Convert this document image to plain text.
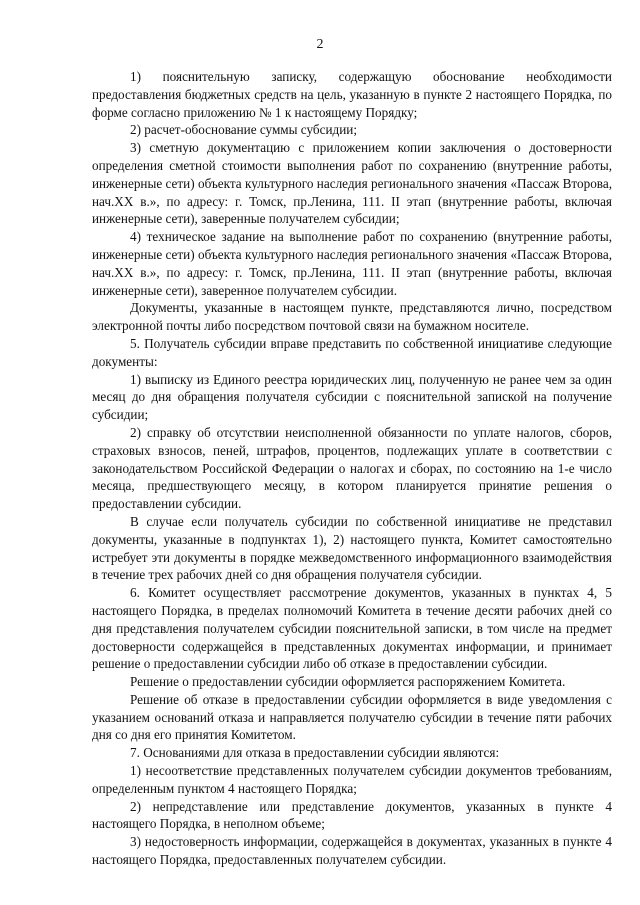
2

1) пояснительную записку, содержащую обоснование необходимости предоставления бюджетных средств на цель, указанную в пункте 2 настоящего Порядка, по форме согласно приложению № 1 к настоящему Порядку;

2) расчет-обоснование суммы субсидии;

3) сметную документацию с приложением копии заключения о достоверности определения сметной стоимости выполнения работ по сохранению (внутренние работы, инженерные сети) объекта культурного наследия регионального значения «Пассаж Второва, нач.XX в.», по адресу: г. Томск, пр.Ленина, 111. II этап (внутренние работы, включая инженерные сети), заверенные получателем субсидии;

4) техническое задание на выполнение работ по сохранению (внутренние работы, инженерные сети) объекта культурного наследия регионального значения «Пассаж Второва, нач.XX в.», по адресу: г. Томск, пр.Ленина, 111. II этап (внутренние работы, включая инженерные сети), заверенное получателем субсидии.

Документы, указанные в настоящем пункте, представляются лично, посредством электронной почты либо посредством почтовой связи на бумажном носителе.

5. Получатель субсидии вправе представить по собственной инициативе следующие документы:

1) выписку из Единого реестра юридических лиц, полученную не ранее чем за один месяц до дня обращения получателя субсидии с пояснительной запиской на получение субсидии;

2) справку об отсутствии неисполненной обязанности по уплате налогов, сборов, страховых взносов, пеней, штрафов, процентов, подлежащих уплате в соответствии с законодательством Российской Федерации о налогах и сборах, по состоянию на 1-е число месяца, предшествующего месяцу, в котором планируется принятие решения о предоставлении субсидии.

В случае если получатель субсидии по собственной инициативе не представил документы, указанные в подпунктах 1), 2) настоящего пункта, Комитет самостоятельно истребует эти документы в порядке межведомственного информационного взаимодействия в течение трех рабочих дней со дня обращения получателя субсидии.

6. Комитет осуществляет рассмотрение документов, указанных в пунктах 4, 5 настоящего Порядка, в пределах полномочий Комитета в течение десяти рабочих дней со дня представления получателем субсидии пояснительной записки, в том числе на предмет достоверности содержащейся в представленных документах информации, и принимает решение о предоставлении субсидии либо об отказе в предоставлении субсидии.

Решение о предоставлении субсидии оформляется распоряжением Комитета.

Решение об отказе в предоставлении субсидии оформляется в виде уведомления с указанием оснований отказа и направляется получателю субсидии в течение пяти рабочих дня со дня его принятия Комитетом.

7. Основаниями для отказа в предоставлении субсидии являются:

1) несоответствие представленных получателем субсидии документов требованиям, определенным пунктом 4 настоящего Порядка;

2) непредставление или представление документов, указанных в пункте 4 настоящего Порядка, в неполном объеме;

3) недостоверность информации, содержащейся в документах, указанных в пункте 4 настоящего Порядка, предоставленных получателем субсидии.
